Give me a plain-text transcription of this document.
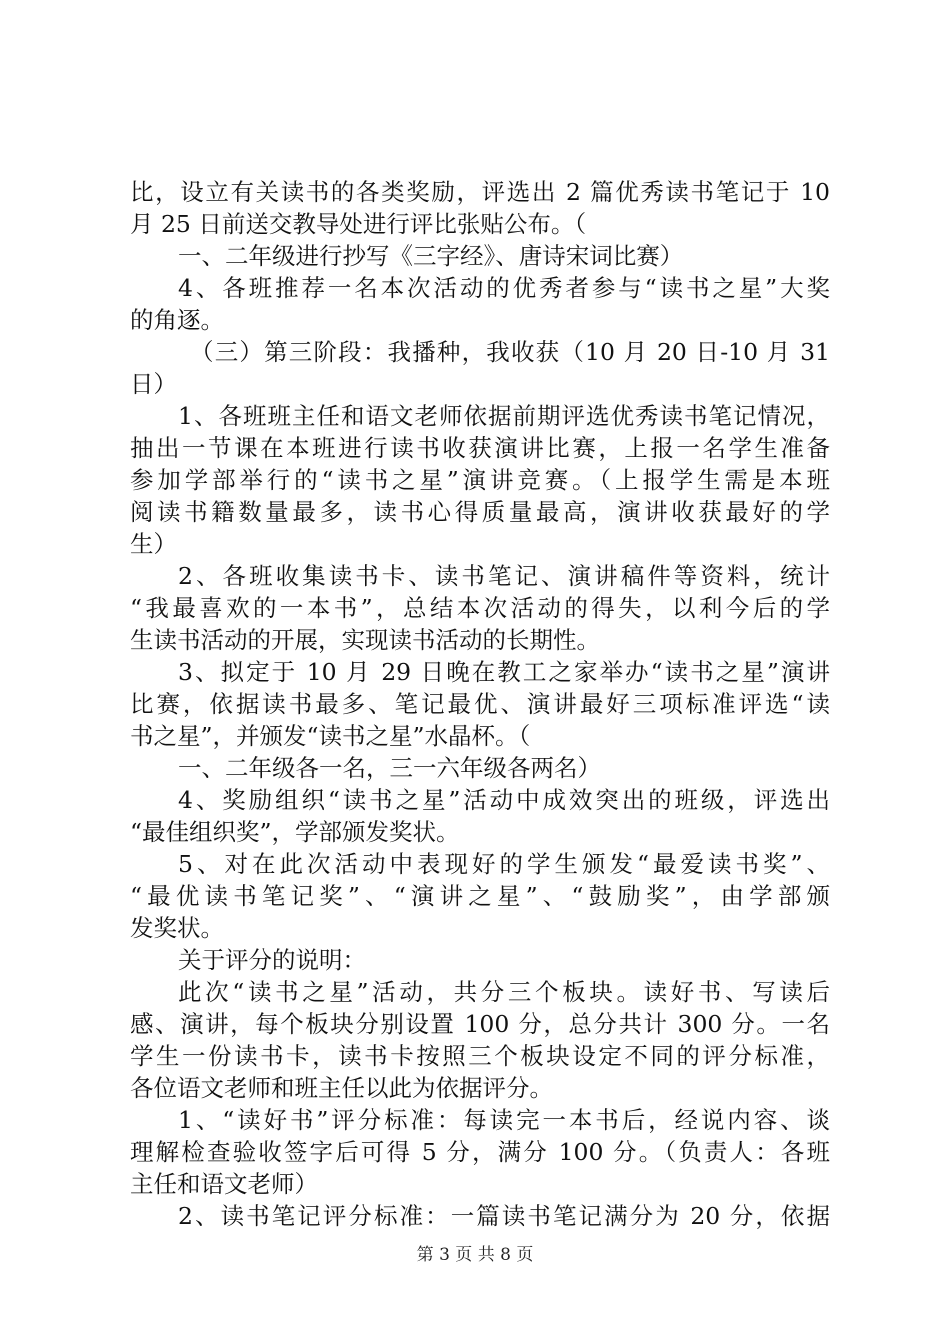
比，设立有关读书的各类奖励，评选出 2 篇优秀读书笔记于 10
月 25 日前送交教导处进行评比张贴公布。（
一、二年级进行抄写《三字经》、唐诗宋词比赛）
4、各班推荐一名本次活动的优秀者参与“读书之星”大奖
的角逐。
（三）第三阶段：我播种，我收获（10 月 20 日-10 月 31
日）
1、各班班主任和语文老师依据前期评选优秀读书笔记情况，
抽出一节课在本班进行读书收获演讲比赛，上报一名学生准备
参加学部举行的“读书之星”演讲竞赛。（上报学生需是本班
阅读书籍数量最多，读书心得质量最高，演讲收获最好的学
生）
2、各班收集读书卡、读书笔记、演讲稿件等资料，统计
“我最喜欢的一本书”，总结本次活动的得失，以利今后的学
生读书活动的开展，实现读书活动的长期性。
3、拟定于 10 月 29 日晚在教工之家举办“读书之星”演讲
比赛，依据读书最多、笔记最优、演讲最好三项标准评选“读
书之星”，并颁发“读书之星”水晶杯。（
一、二年级各一名，三一六年级各两名）
4、奖励组织“读书之星”活动中成效突出的班级，评选出
“最佳组织奖”，学部颁发奖状。
5、对在此次活动中表现好的学生颁发“最爱读书奖”、
“最优读书笔记奖”、“演讲之星”、“鼓励奖”，由学部颁
发奖状。
关于评分的说明：
此次“读书之星”活动，共分三个板块。读好书、写读后
感、演讲，每个板块分别设置 100 分，总分共计 300 分。一名
学生一份读书卡，读书卡按照三个板块设定不同的评分标准，
各位语文老师和班主任以此为依据评分。
1、“读好书”评分标准：每读完一本书后，经说内容、谈
理解检查验收签字后可得 5 分，满分 100 分。（负责人：各班
主任和语文老师）
2、读书笔记评分标准：一篇读书笔记满分为 20 分，依据
第 3 页 共 8 页
